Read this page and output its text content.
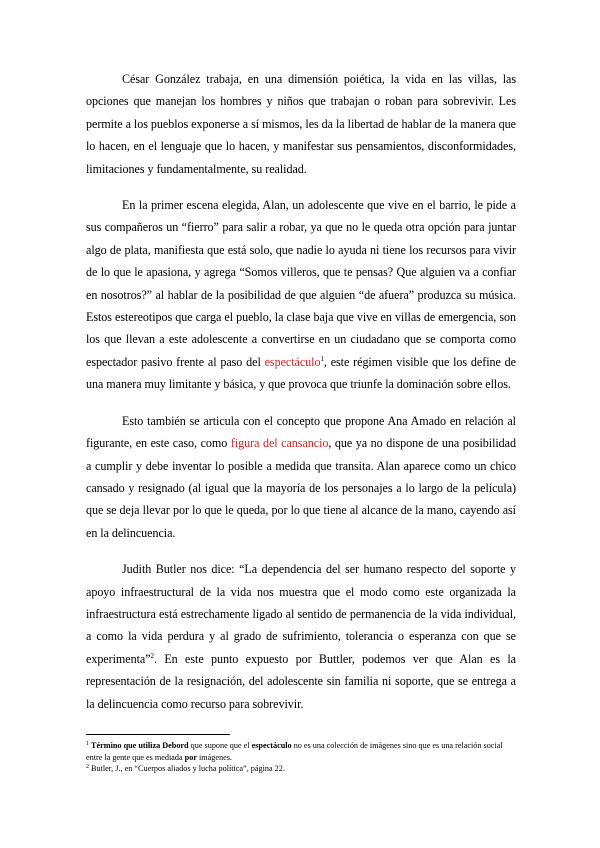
César González trabaja, en una dimensión poiética, la vida en las villas, las opciones que manejan los hombres y niños que trabajan o roban para sobrevivir. Les permite a los pueblos exponerse a sí mismos, les da la libertad de hablar de la manera que lo hacen, en el lenguaje que lo hacen, y manifestar sus pensamientos, disconformidades, limitaciones y fundamentalmente, su realidad.

En la primer escena elegida, Alan, un adolescente que vive en el barrio, le pide a sus compañeros un “fierro” para salir a robar, ya que no le queda otra opción para juntar algo de plata, manifiesta que está solo, que nadie lo ayuda ni tiene los recursos para vivir de lo que le apasiona, y agrega “Somos villeros, que te pensas? Que alguien va a confiar en nosotros?” al hablar de la posibilidad de que alguien “de afuera” produzca su música. Estos estereotipos que carga el pueblo, la clase baja que vive en villas de emergencia, son los que llevan a este adolescente a convertirse en un ciudadano que se comporta como espectador pasivo frente al paso del espectáculo$^1$, este régimen visible que los define de una manera muy limitante y básica, y que provoca que triunfe la dominación sobre ellos.

Esto también se articula con el concepto que propone Ana Amado en relación al figurante, en este caso, como figura del cansancio, que ya no dispone de una posibilidad a cumplir y debe inventar lo posible a medida que transita. Alan aparece como un chico cansado y resignado (al igual que la mayoría de los personajes a lo largo de la película) que se deja llevar por lo que le queda, por lo que tiene al alcance de la mano, cayendo así en la delincuencia.

Judith Butler nos dice: “La dependencia del ser humano respecto del soporte y apoyo infraestructural de la vida nos muestra que el modo como este organizada la infraestructura está estrechamente ligado al sentido de permanencia de la vida individual, a como la vida perdura y al grado de sufrimiento, tolerancia o esperanza con que se experimenta”$^2$. En este punto expuesto por Buttler, podemos ver que Alan es la representación de la resignación, del adolescente sin familia ni soporte, que se entrega a la delincuencia como recurso para sobrevivir.

$^1$ Término que utiliza Debord que supone que el espectáculo no es una colección de imágenes sino que es una relación social entre la gente que es mediada por imágenes.
$^2$ Butler, J., en “Cuerpos aliados y lucha política”, página 22.
